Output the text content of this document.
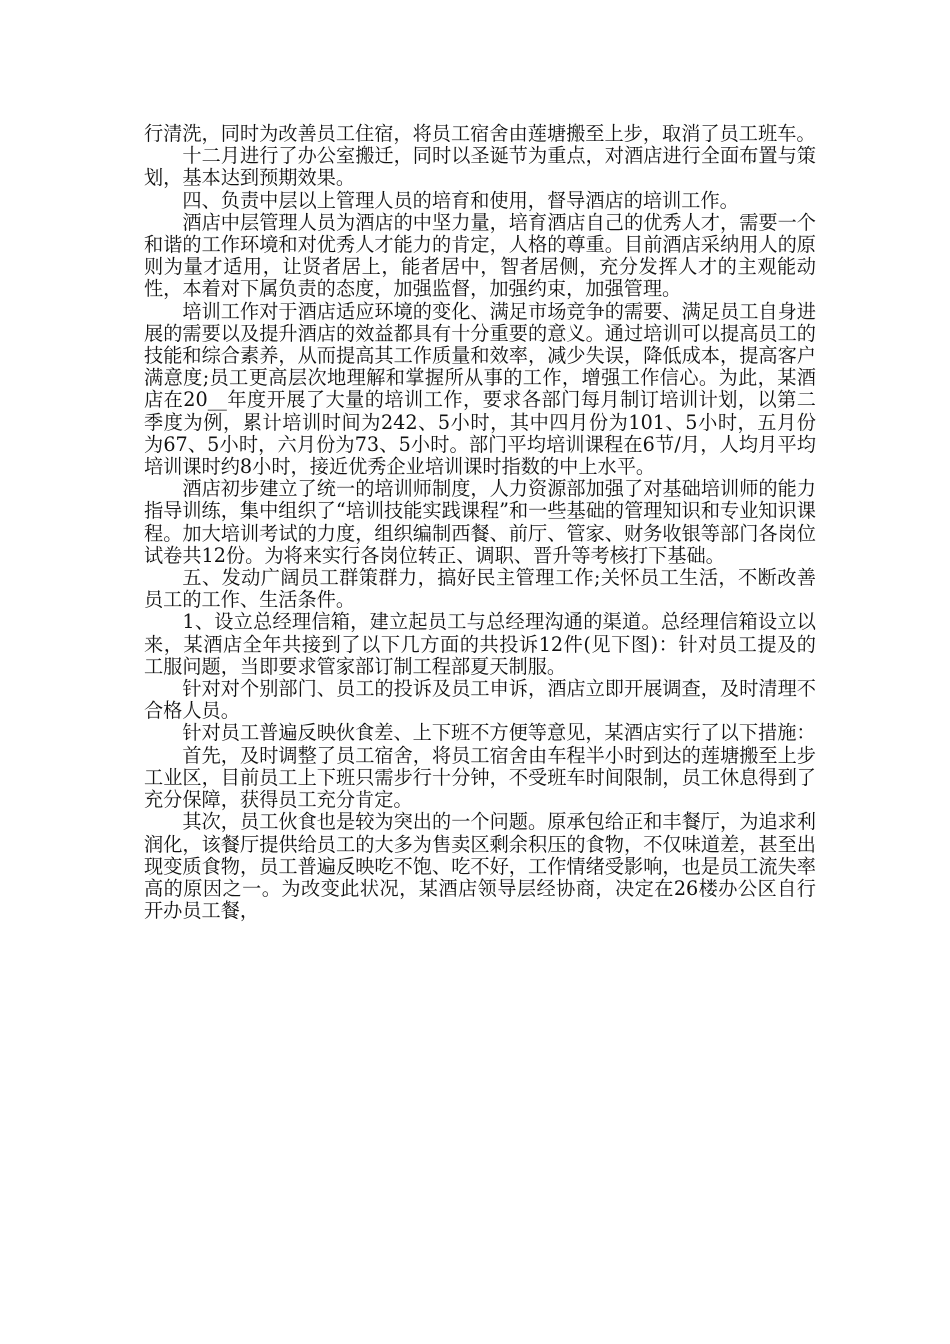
行清洗，同时为改善员工住宿，将员工宿舍由莲塘搬至上步，取消了员工班车。

十二月进行了办公室搬迁，同时以圣诞节为重点，对酒店进行全面布置与策划，基本达到预期效果。

四、负责中层以上管理人员的培育和使用，督导酒店的培训工作。

酒店中层管理人员为酒店的中坚力量，培育酒店自己的优秀人才，需要一个和谐的工作环境和对优秀人才能力的肯定，人格的尊重。目前酒店采纳用人的原则为量才适用，让贤者居上，能者居中，智者居侧，充分发挥人才的主观能动性，本着对下属负责的态度，加强监督，加强约束，加强管理。

培训工作对于酒店适应环境的变化、满足市场竞争的需要、满足员工自身进展的需要以及提升酒店的效益都具有十分重要的意义。通过培训可以提高员工的技能和综合素养，从而提高其工作质量和效率，减少失误，降低成本，提高客户满意度;员工更高层次地理解和掌握所从事的工作，增强工作信心。为此，某酒店在20__年度开展了大量的培训工作，要求各部门每月制订培训计划，以第二季度为例，累计培训时间为242、5小时，其中四月份为101、5小时，五月份为67、5小时，六月份为73、5小时。部门平均培训课程在6节/月，人均月平均培训课时约8小时，接近优秀企业培训课时指数的中上水平。

酒店初步建立了统一的培训师制度，人力资源部加强了对基础培训师的能力指导训练，集中组织了“培训技能实践课程”和一些基础的管理知识和专业知识课程。加大培训考试的力度，组织编制西餐、前厅、管家、财务收银等部门各岗位试卷共12份。为将来实行各岗位转正、调职、晋升等考核打下基础。

五、发动广阔员工群策群力，搞好民主管理工作;关怀员工生活，不断改善员工的工作、生活条件。

1、设立总经理信箱，建立起员工与总经理沟通的渠道。总经理信箱设立以来，某酒店全年共接到了以下几方面的共投诉12件(见下图)：针对员工提及的工服问题，当即要求管家部订制工程部夏天制服。

针对对个别部门、员工的投诉及员工申诉，酒店立即开展调查，及时清理不合格人员。

针对员工普遍反映伙食差、上下班不方便等意见，某酒店实行了以下措施：

首先，及时调整了员工宿舍，将员工宿舍由车程半小时到达的莲塘搬至上步工业区，目前员工上下班只需步行十分钟，不受班车时间限制，员工休息得到了充分保障，获得员工充分肯定。

其次，员工伙食也是较为突出的一个问题。原承包给正和丰餐厅，为追求利润化，该餐厅提供给员工的大多为售卖区剩余积压的食物，不仅味道差，甚至出现变质食物，员工普遍反映吃不饱、吃不好，工作情绪受影响，也是员工流失率高的原因之一。为改变此状况，某酒店领导层经协商，决定在26楼办公区自行开办员工餐，
